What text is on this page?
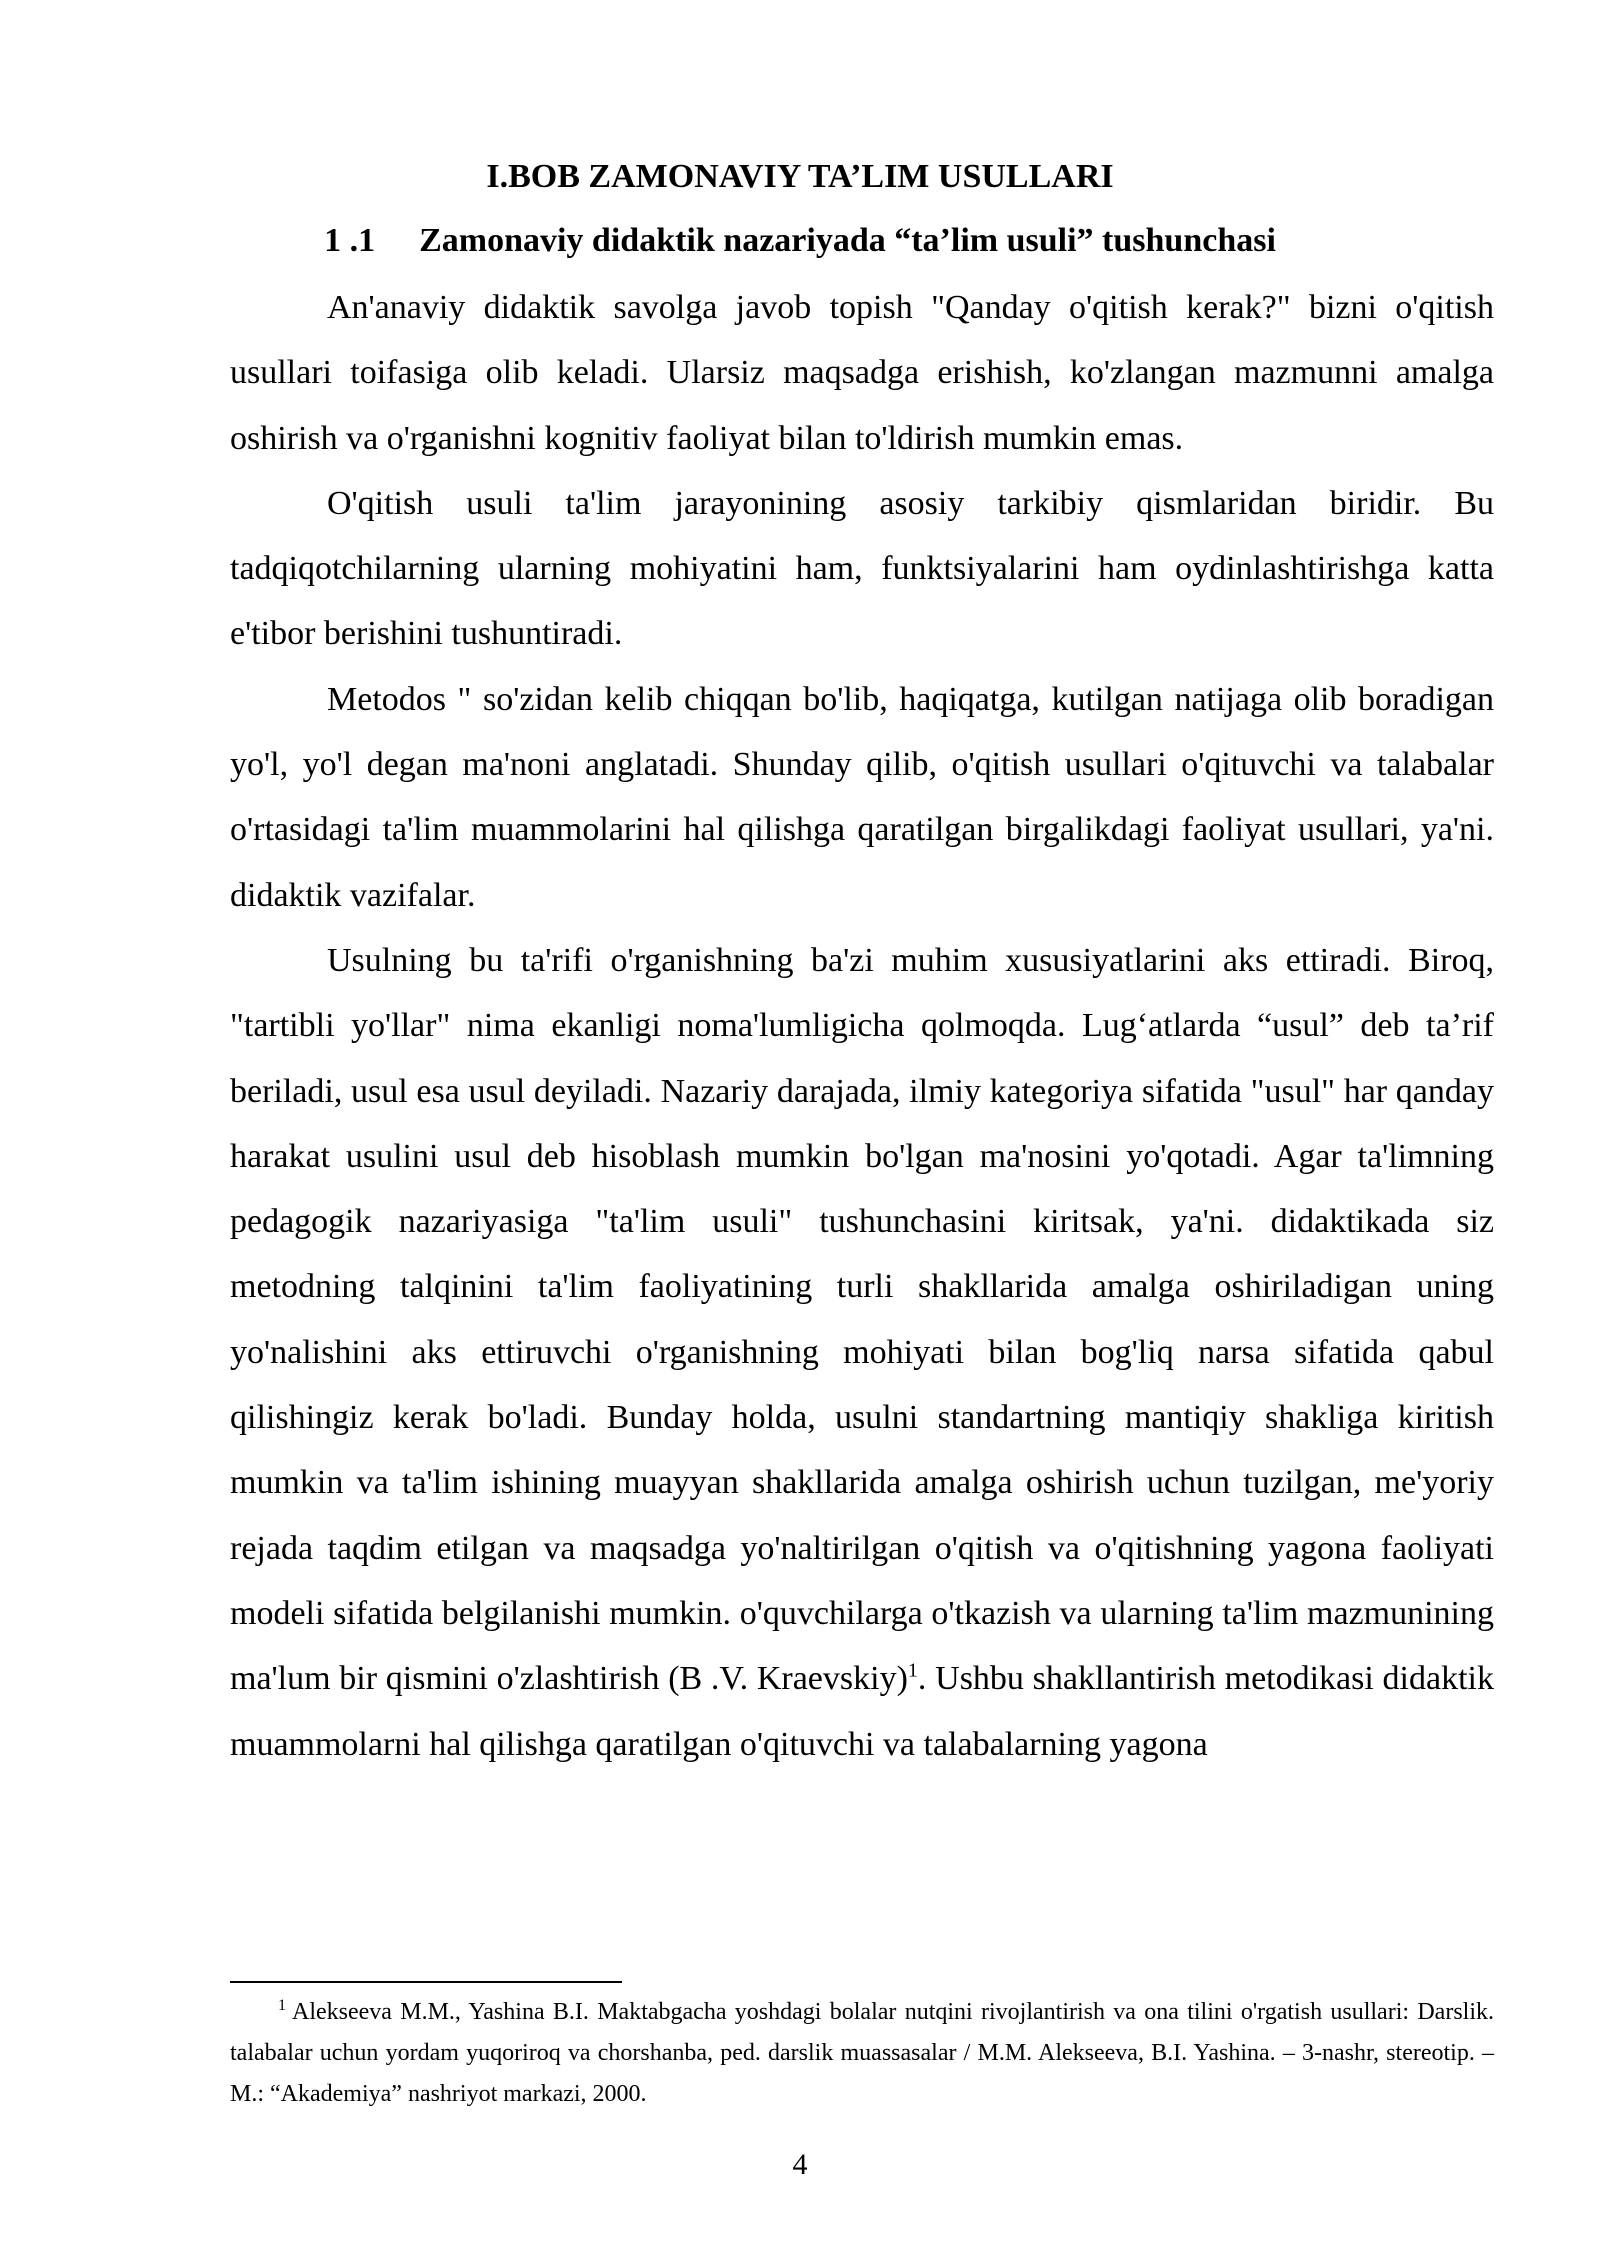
I.BOB ZAMONAVIY TA’LIM USULLARI
1 .1 Zamonaviy didaktik nazariyada “ta’lim usuli” tushunchasi

An'anaviy didaktik savolga javob topish "Qanday o'qitish kerak?" bizni o'qitish usullari toifasiga olib keladi. Ularsiz maqsadga erishish, ko'zlangan mazmunni amalga oshirish va o'rganishni kognitiv faoliyat bilan to'ldirish mumkin emas.

O'qitish usuli ta'lim jarayonining asosiy tarkibiy qismlaridan biridir. Bu tadqiqotchilarning ularning mohiyatini ham, funktsiyalarini ham oydinlashtirishga katta e'tibor berishini tushuntiradi.

Metodos " so'zidan kelib chiqqan bo'lib, haqiqatga, kutilgan natijaga olib boradigan yo'l, yo'l degan ma'noni anglatadi. Shunday qilib, o'qitish usullari o'qituvchi va talabalar o'rtasidagi ta'lim muammolarini hal qilishga qaratilgan birgalikdagi faoliyat usullari, ya'ni. didaktik vazifalar.

Usulning bu ta'rifi o'rganishning ba'zi muhim xususiyatlarini aks ettiradi. Biroq, "tartibli yo'llar" nima ekanligi noma'lumligicha qolmoqda. Lug‘atlarda “usul” deb ta’rif beriladi, usul esa usul deyiladi. Nazariy darajada, ilmiy kategoriya sifatida "usul" har qanday harakat usulini usul deb hisoblash mumkin bo'lgan ma'nosini yo'qotadi. Agar ta'limning pedagogik nazariyasiga "ta'lim usuli" tushunchasini kiritsak, ya'ni. didaktikada siz metodning talqinini ta'lim faoliyatining turli shakllarida amalga oshiriladigan uning yo'nalishini aks ettiruvchi o'rganishning mohiyati bilan bog'liq narsa sifatida qabul qilishingiz kerak bo'ladi. Bunday holda, usulni standartning mantiqiy shakliga kiritish mumkin va ta'lim ishining muayyan shakllarida amalga oshirish uchun tuzilgan, me'yoriy rejada taqdim etilgan va maqsadga yo'naltirilgan o'qitish va o'qitishning yagona faoliyati modeli sifatida belgilanishi mumkin. o'quvchilarga o'tkazish va ularning ta'lim mazmunining ma'lum bir qismini o'zlashtirish (B .V. Kraevskiy)$^1$. Ushbu shakllantirish metodikasi didaktik muammolarni hal qilishga qaratilgan o'qituvchi va talabalarning yagona

$^1$ Alekseeva M.M., Yashina B.I. Maktabgacha yoshdagi bolalar nutqini rivojlantirish va ona tilini o'rgatish usullari: Darslik. talabalar uchun yordam yuqoriroq va chorshanba, ped. darslik muassasalar / M.M. Alekseeva, B.I. Yashina. – 3-nashr, stereotip. – M.: “Akademiya” nashriyot markazi, 2000.

4
